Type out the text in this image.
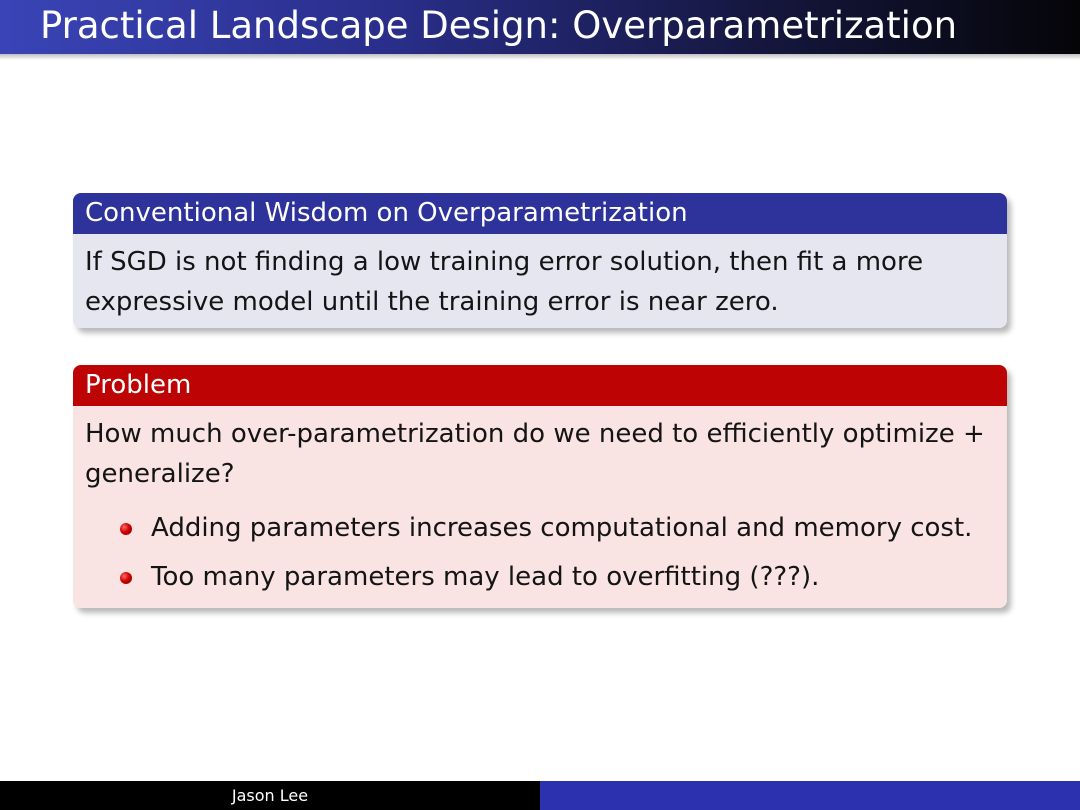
Practical Landscape Design: Overparametrization
Conventional Wisdom on Overparametrization
If SGD is not finding a low training error solution, then fit a more expressive model until the training error is near zero.
Problem
How much over-parametrization do we need to efficiently optimize + generalize?
Adding parameters increases computational and memory cost.
Too many parameters may lead to overfitting (???).
Jason Lee
